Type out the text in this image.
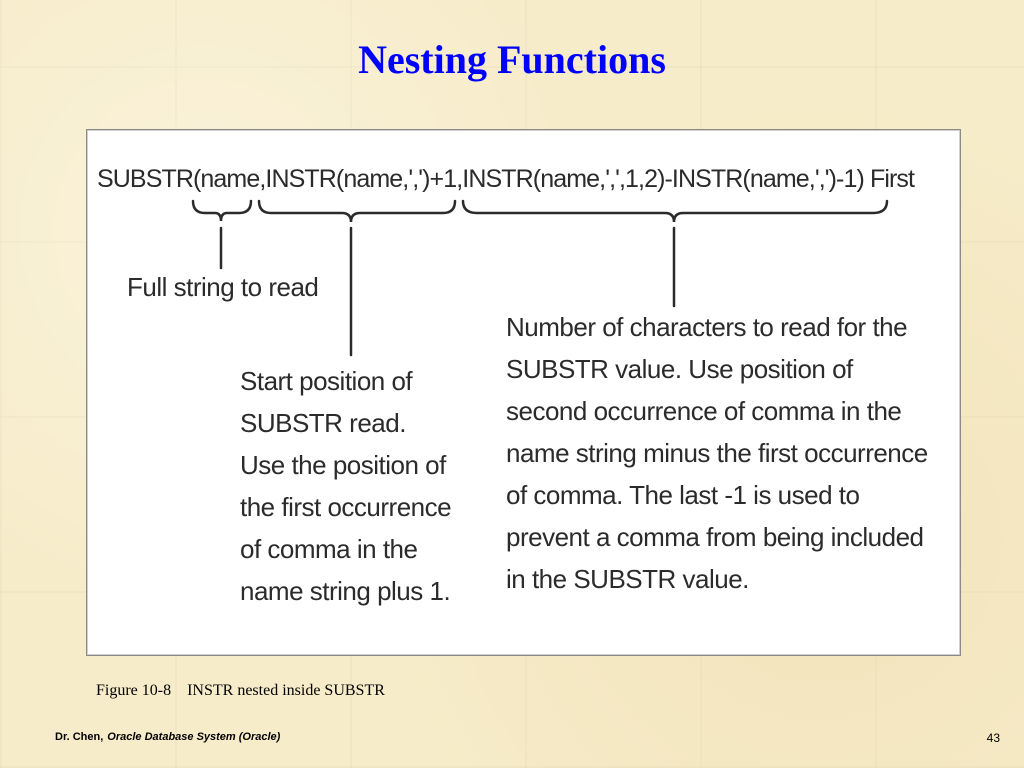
Nesting Functions
SUBSTR(name,INSTR(name,',')+1,INSTR(name,',',1,2)-INSTR(name,',')-1) First
Full string to read
Start position of
SUBSTR read.
Use the position of
the first occurrence
of comma in the
name string plus 1.
Number of characters to read for the
SUBSTR value. Use position of
second occurrence of comma in the
name string minus the first occurrence
of comma. The last -1 is used to
prevent a comma from being included
in the SUBSTR value.
Figure 10-8    INSTR nested inside SUBSTR
Dr. Chen, Oracle Database System (Oracle)	43
